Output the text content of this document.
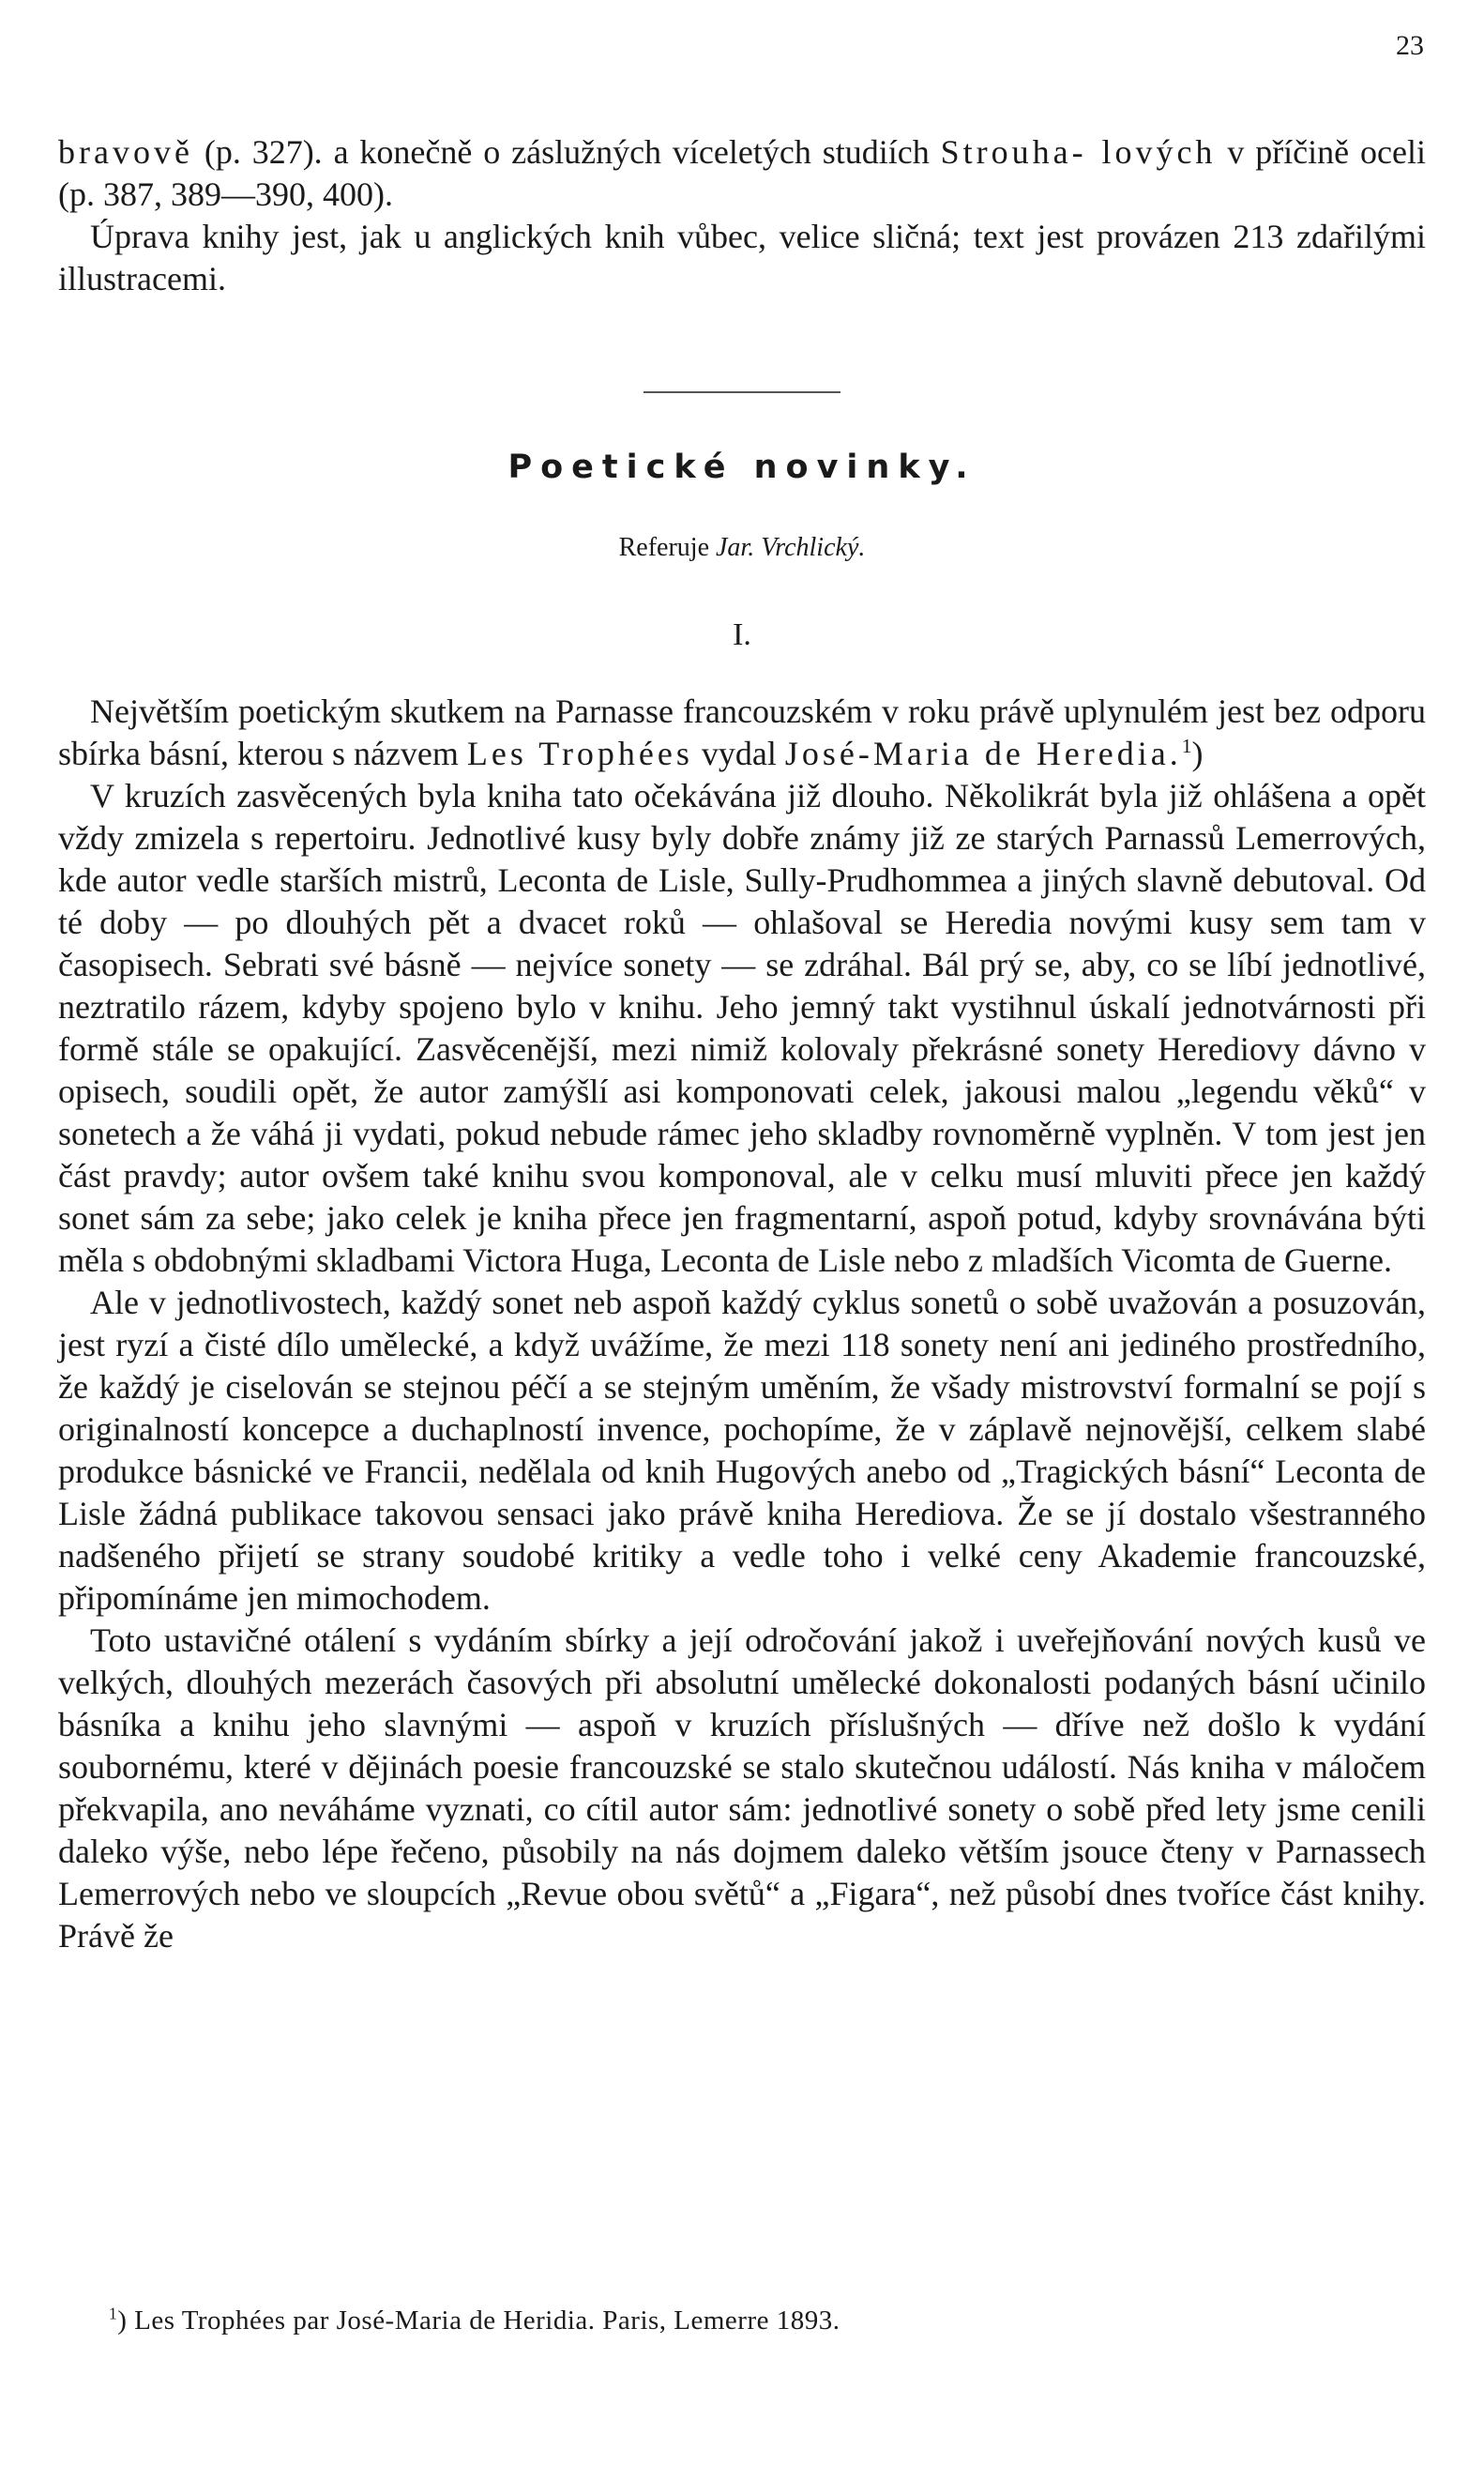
23

bravově (p. 327). a konečně o záslužných víceletých studiích Strouha- lových v příčině oceli (p. 387, 389—390, 400).

Úprava knihy jest, jak u anglických knih vůbec, velice sličná; text jest provázen 213 zdařilými illustracemi.

Poetické novinky.
Referuje Jar. Vrchlický.
I.

Největším poetickým skutkem na Parnasse francouzském v roku právě uplynulém jest bez odporu sbírka básní, kterou s názvem Les Trophées vydal José-Maria de Heredia.$^1$)

V kruzích zasvěcených byla kniha tato očekávána již dlouho. Několikrát byla již ohlášena a opět vždy zmizela s repertoiru. Jednotlivé kusy byly dobře známy již ze starých Parnassů Lemerrových, kde autor vedle starších mistrů, Leconta de Lisle, Sully-Prudhommea a jiných slavně debutoval. Od té doby — po dlouhých pět a dvacet roků — ohlašoval se Heredia novými kusy sem tam v časopisech. Sebrati své básně — nejvíce sonety — se zdráhal. Bál prý se, aby, co se líbí jednotlivé, neztratilo rázem, kdyby spojeno bylo v knihu. Jeho jemný takt vystihnul úskalí jednotvárnosti při formě stále se opakující. Zasvěcenější, mezi nimiž kolovaly překrásné sonety Herediovy dávno v opisech, soudili opět, že autor zamýšlí asi komponovati celek, jakousi malou „legendu věků“ v sonetech a že váhá ji vydati, pokud nebude rámec jeho skladby rovnoměrně vyplněn. V tom jest jen část pravdy; autor ovšem také knihu svou komponoval, ale v celku musí mluviti přece jen každý sonet sám za sebe; jako celek je kniha přece jen fragmentarní, aspoň potud, kdyby srovnávána býti měla s obdobnými skladbami Victora Huga, Leconta de Lisle nebo z mladších Vicomta de Guerne.

Ale v jednotlivostech, každý sonet neb aspoň každý cyklus sonetů o sobě uvažován a posuzován, jest ryzí a čisté dílo umělecké, a když uvážíme, že mezi 118 sonety není ani jediného prostředního, že každý je ciselován se stejnou péčí a se stejným uměním, že všady mistrovství formalní se pojí s originalností koncepce a duchaplností invence, pochopíme, že v záplavě nejnovější, celkem slabé produkce básnické ve Francii, nedělala od knih Hugových anebo od „Tragických básní“ Leconta de Lisle žádná publikace takovou sensaci jako právě kniha Herediova. Že se jí dostalo všestranného nadšeného přijetí se strany soudobé kritiky a vedle toho i velké ceny Akademie francouzské, připomínáme jen mimochodem.

Toto ustavičné otálení s vydáním sbírky a její odročování jakož i uveřejňování nových kusů ve velkých, dlouhých mezerách časových při absolutní umělecké dokonalosti podaných básní učinilo básníka a knihu jeho slavnými — aspoň v kruzích příslušných — dříve než došlo k vydání soubornému, které v dějinách poesie francouzské se stalo skutečnou událostí. Nás kniha v máločem překvapila, ano neváháme vyznati, co cítil autor sám: jednotlivé sonety o sobě před lety jsme cenili daleko výše, nebo lépe řečeno, působily na nás dojmem daleko větším jsouce čteny v Parnassech Lemerrových nebo ve sloupcích „Revue obou světů“ a „Figara“, než působí dnes tvoříce část knihy. Právě že

$^1$) Les Trophées par José-Maria de Heridia. Paris, Lemerre 1893.
